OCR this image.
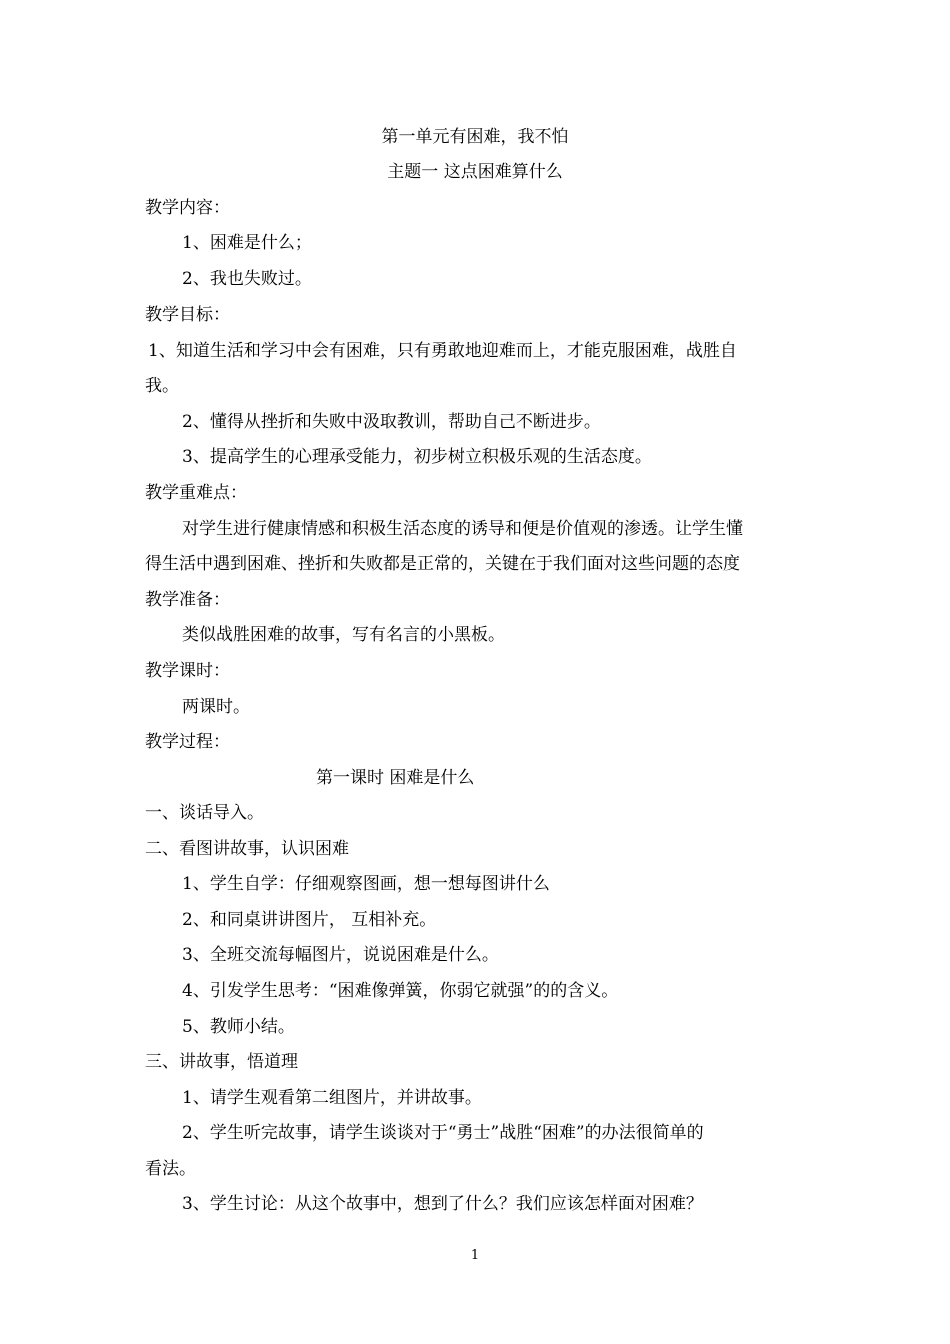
第一单元有困难，我不怕
主题一 这点困难算什么
教学内容：
1、困难是什么；
2、我也失败过。
教学目标：
1、知道生活和学习中会有困难，只有勇敢地迎难而上，才能克服困难，战胜自
我。
2、懂得从挫折和失败中汲取教训，帮助自己不断进步。
3、提高学生的心理承受能力，初步树立积极乐观的生活态度。
教学重难点：
对学生进行健康情感和积极生活态度的诱导和便是价值观的渗透。让学生懂
得生活中遇到困难、挫折和失败都是正常的，关键在于我们面对这些问题的态度
教学准备：
类似战胜困难的故事，写有名言的小黑板。
教学课时：
两课时。
教学过程：
第一课时 困难是什么
一、谈话导入。
二、看图讲故事，认识困难
1、学生自学：仔细观察图画，想一想每图讲什么
2、和同桌讲讲图片， 互相补充。
3、全班交流每幅图片，说说困难是什么。
4、引发学生思考：“困难像弹簧，你弱它就强”的的含义。
5、教师小结。
三、讲故事，悟道理
1、请学生观看第二组图片，并讲故事。
2、学生听完故事，请学生谈谈对于“勇士”战胜“困难”的办法很简单的
看法。
3、学生讨论：从这个故事中，想到了什么？我们应该怎样面对困难？
1
